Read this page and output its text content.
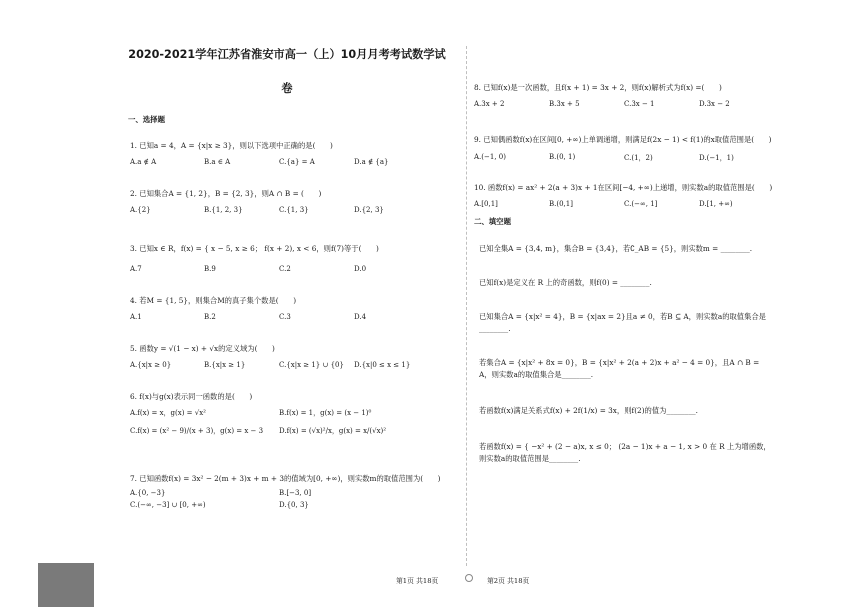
2020-2021学年江苏省淮安市高一（上）10月月考考试数学试
卷
一、选择题
1. 已知a = 4，A = {x|x ≥ 3}，则以下选项中正确的是(　　)
A.a ∉ A	B.a ∈ A	C.{a} = A	D.a ∉ {a}
2. 已知集合A = {1, 2}，B = {2, 3}，则A ∩ B = (　　)
A.{2}	B.{1, 2, 3}	C.{1, 3}	D.{2, 3}
3. 已知x ∈ R，f(x) = { x − 5, x ≥ 6； f(x + 2), x < 6，则f(7)等于(　　)
A.7	B.9	C.2	D.0
4. 若M = {1, 5}，则集合M的真子集个数是(　　)
A.1	B.2	C.3	D.4
5. 函数y = √(1 − x) + √x的定义域为(　　)
A.{x|x ≥ 0}	B.{x|x ≥ 1}	C.{x|x ≥ 1} ∪ {0} D.{x|0 ≤ x ≤ 1}
6. f(x)与g(x)表示同一函数的是(　　)
A.f(x) = x，g(x) = √x²	B.f(x) = 1，g(x) = (x − 1)⁰
C.f(x) = (x² − 9)/(x + 3)，g(x) = x − 3 D.f(x) = (√x)²/x，g(x) = x/(√x)²
7. 已知函数f(x) = 3x² − 2(m + 3)x + m + 3的值域为[0, +∞)，则实数m的取值范围为(　　)
A.{0, −3}	B.[−3, 0]
C.(−∞, −3] ∪ [0, +∞)	D.{0, 3}
8. 已知f(x)是一次函数，且f(x + 1) = 3x + 2，则f(x)解析式为f(x) =(　　)
A.3x + 2	B.3x + 5	C.3x − 1	D.3x − 2
9. 已知偶函数f(x)在区间[0, +∞)上单调递增，则满足f(2x − 1) < f(1)的x取值范围是(　　)
A.(−1, 0)	B.(0, 1)	C.(1，2)	D.(−1，1)
10. 函数f(x) = ax² + 2(a + 3)x + 1在区间[−4, +∞)上递增，则实数a的取值范围是(　　)
A.[0,1]	B.(0,1]	C.(−∞, 1]	D.[1, +∞)
二、填空题
已知全集A = {3,4, m}，集合B = {3,4}，若∁_AB = {5}，则实数m = ________.
已知f(x)是定义在 R 上的奇函数，则f(0) = ________.
已知集合A = {x|x² = 4}，B = {x|ax = 2}且a ≠ 0，若B ⊆ A，则实数a的取值集合是________.
若集合A = {x|x² + 8x = 0}，B = {x|x² + 2(a + 2)x + a² − 4 = 0}，且A ∩ B = A，则实数a的取值集合是________.
若函数f(x)满足关系式f(x) + 2f(1/x) = 3x，则f(2)的值为________.
若函数f(x) = { −x² + (2 − a)x, x ≤ 0； (2a − 1)x + a − 1, x > 0 在 R 上为增函数，则实数a的取值范围是________.
第1页 共18页	第2页 共18页
